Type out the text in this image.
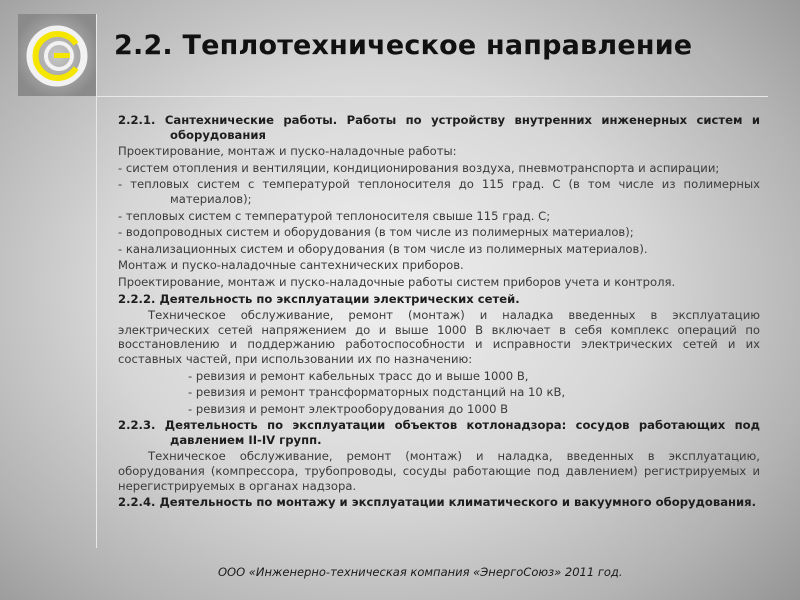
2.2. Теплотехническое направление

2.2.1. Сантехнические работы. Работы по устройству внутренних инженерных систем и оборудования

Проектирование, монтаж и пуско-наладочные работы:

- систем отопления и вентиляции, кондиционирования воздуха, пневмотранспорта и аспирации;

- тепловых систем с температурой теплоносителя до 115 град. С (в том числе из полимерных материалов);

- тепловых систем с температурой теплоносителя свыше 115 град. С;

- водопроводных систем и оборудования (в том числе из полимерных материалов);

- канализационных систем и оборудования (в том числе из полимерных материалов).

Монтаж и пуско-наладочные сантехнических приборов.

Проектирование, монтаж и пуско-наладочные работы систем приборов учета и контроля.

2.2.2. Деятельность по эксплуатации электрических сетей.

Техническое обслуживание, ремонт (монтаж) и наладка введенных в эксплуатацию электрических сетей напряжением до и выше 1000 В включает в себя комплекс операций по восстановлению и поддержанию работоспособности и исправности электрических сетей и их составных частей, при использовании их по назначению:

- ревизия и ремонт кабельных трасс до и выше 1000 В,

- ревизия и ремонт трансформаторных подстанций на 10 кВ,

- ревизия и ремонт электрооборудования до 1000 В

2.2.3. Деятельность по эксплуатации объектов котлонадзора: сосудов работающих под давлением II-IV групп.

Техническое обслуживание, ремонт (монтаж) и наладка, введенных в эксплуатацию, оборудования (компрессора, трубопроводы, сосуды работающие под давлением) регистрируемых и нерегистрируемых в органах надзора.

2.2.4. Деятельность по монтажу и эксплуатации климатического и вакуумного оборудования.

ООО «Инженерно-техническая компания «ЭнергоСоюз» 2011 год.
